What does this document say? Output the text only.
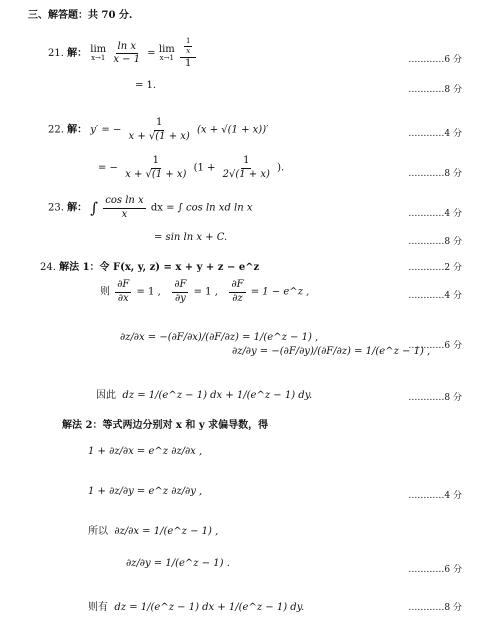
三、解答题：共 70 分.
21. 解： lim
x→1
$\frac{\text{ln x}}{x - 1} = \lim$
x→1
$\frac{\frac{1}{x}}{1}$	…………6 分
= 1.	…………8 分
22. 解： y′ = − $\frac{1}{x + √(1 + x)} (x + √(1 + x))'$	…………4 分
= − $\frac{1}{x + √(1 + x)} (1 + \frac{1}{2√(1 + x)}$ ).
…………8 分
23. 解： ∫ $\frac{\text{cos ln x}}{x}$ dx = ∫ cos ln xd ln x
…………4 分
= sin ln x + C.	…………8 分
24. 解法 1：令 F(x, y, z) = x + y + z − e^z	…………2 分
则 $\frac{\partial F}{\partial x} = 1$ , $\frac{\partial F}{\partial y} = 1$ , $\frac{\partial F}{\partial z} = 1$ − e^z ,	…………4 分
∂z/∂x = −(∂F/∂x)/(∂F/∂z) = 1/(e^z − 1) ,
∂z/∂y = −(∂F/∂y)/(∂F/∂z) = 1/(e^z − 1) ,
…………6 分
因此 dz = 1/(e^z − 1) dx + 1/(e^z − 1) dy.	…………8 分
解法 2：等式两边分别对 x 和 y 求偏导数，得
1 + ∂z/∂x = e^z ∂z/∂x ,
1 + ∂z/∂y = e^z ∂z/∂y ,	…………4 分
所以 ∂z/∂x = 1/(e^z − 1) ,
∂z/∂y = 1/(e^z − 1) .
…………6 分
则有 dz = 1/(e^z − 1) dx + 1/(e^z − 1) dy.	…………8 分
